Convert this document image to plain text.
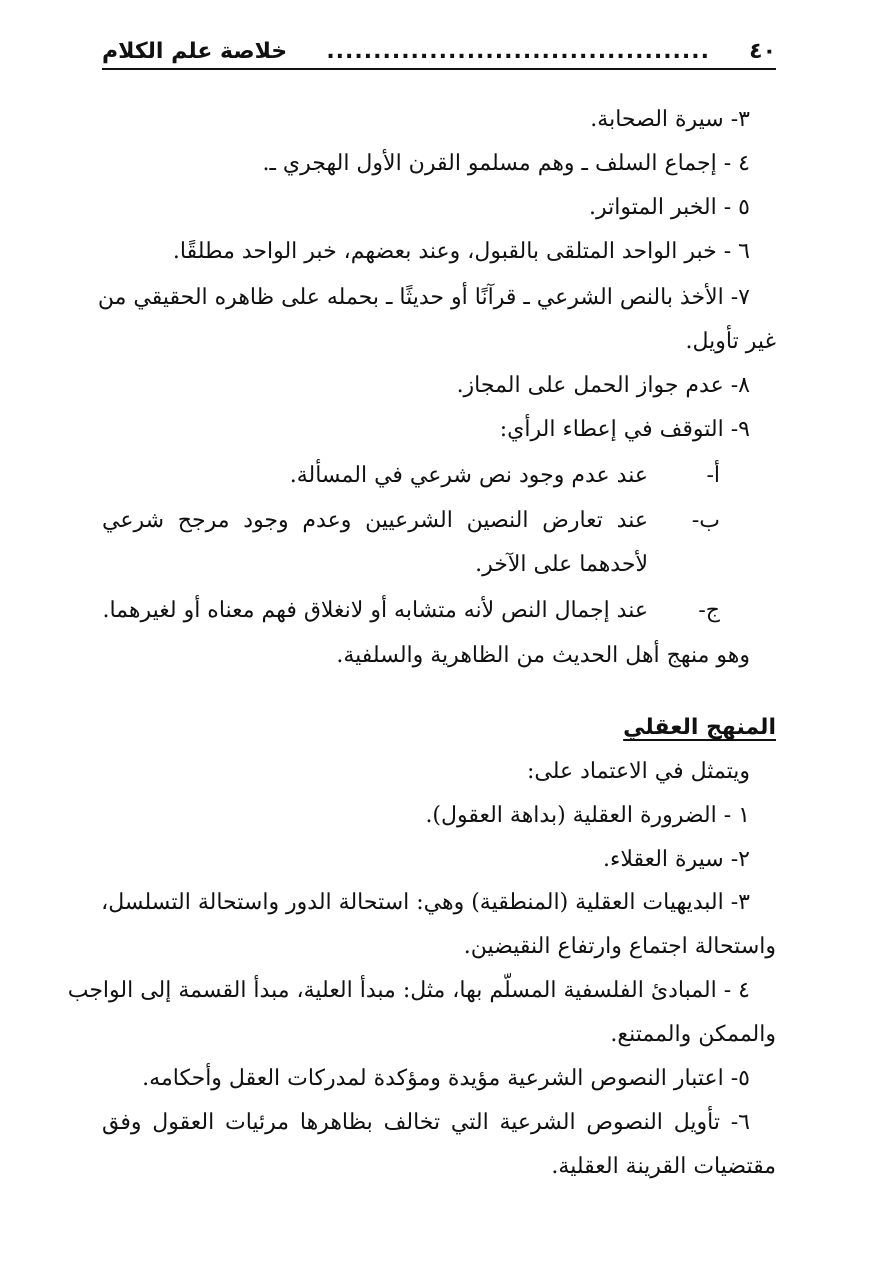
٤٠
.........................................
خلاصة علم الكلام
٣- سيرة الصحابة.
٤ - إجماع السلف ـ وهم مسلمو القرن الأول الهجري ـ.
٥ - الخبر المتواتر.
٦ - خبر الواحد المتلقى بالقبول، وعند بعضهم، خبر الواحد مطلقًا.
٧- الأخذ بالنص الشرعي ـ قرآنًا أو حديثًا ـ بحمله على ظاهره الحقيقي من
غير تأويل.
٨- عدم جواز الحمل على المجاز.
٩- التوقف في إعطاء الرأي:
أ-
عند عدم وجود نص شرعي في المسألة.
ب-
عند تعارض النصين الشرعيين وعدم وجود مرجح شرعي
لأحدهما على الآخر.
ج-
عند إجمال النص لأنه متشابه أو لانغلاق فهم معناه أو لغيرهما.
وهو منهج أهل الحديث من الظاهرية والسلفية.
المنهج العقلي
ويتمثل في الاعتماد على:
١ - الضرورة العقلية (بداهة العقول).
٢- سيرة العقلاء.
٣- البديهيات العقلية (المنطقية) وهي: استحالة الدور واستحالة التسلسل،
واستحالة اجتماع وارتفاع النقيضين.
٤ - المبادئ الفلسفية المسلّم بها، مثل: مبدأ العلية، مبدأ القسمة إلى الواجب
والممكن والممتنع.
٥- اعتبار النصوص الشرعية مؤيدة ومؤكدة لمدركات العقل وأحكامه.
٦- تأويل النصوص الشرعية التي تخالف بظاهرها مرئيات العقول وفق
مقتضيات القرينة العقلية.
